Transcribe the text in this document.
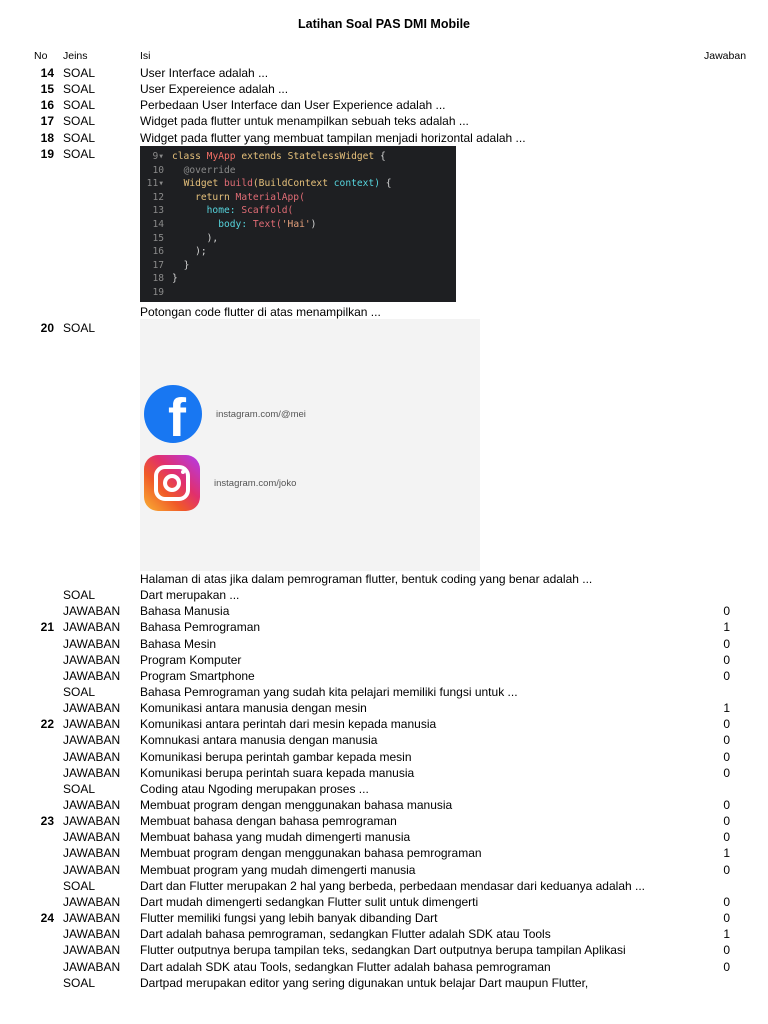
Latihan Soal PAS DMI Mobile
No Jeins	Isi	Jawaban
14 SOAL	User Interface adalah ...
15 SOAL	User Expereience adalah ...
16 SOAL	Perbedaan User Interface dan User Experience adalah ...
17 SOAL	Widget pada flutter untuk menampilkan sebuah teks adalah ...
18 SOAL	Widget pada flutter yang membuat tampilan menjadi horizontal adalah ...
19 SOAL	9▾ class MyApp extends StatelessWidget {
10 @override
11▾ Widget build(BuildContext context) {
12	return MaterialApp(
13	home: Scaffold(
14	body: Text('Hai')
15	),
16	);
17 }
18 }
19
Potongan code flutter di atas menampilkan ...
20 SOAL
f	instagram.com/@mei
instagram.com/joko
Halaman di atas jika dalam pemrograman flutter, bentuk coding yang benar adalah ...
SOAL	Dart merupakan ...
JAWABAN Bahasa Manusia	0
21 JAWABAN Bahasa Pemrograman	1
JAWABAN Bahasa Mesin	0
JAWABAN Program Komputer	0
JAWABAN Program Smartphone	0
SOAL	Bahasa Pemrograman yang sudah kita pelajari memiliki fungsi untuk ...
JAWABAN Komunikasi antara manusia dengan mesin	1
22 JAWABAN Komunikasi antara perintah dari mesin kepada manusia	0
JAWABAN Komnukasi antara manusia dengan manusia	0
JAWABAN Komunikasi berupa perintah gambar kepada mesin	0
JAWABAN Komunikasi berupa perintah suara kepada manusia	0
SOAL	Coding atau Ngoding merupakan proses ...
JAWABAN Membuat program dengan menggunakan bahasa manusia	0
23 JAWABAN Membuat bahasa dengan bahasa pemrograman	0
JAWABAN Membuat bahasa yang mudah dimengerti manusia	0
JAWABAN Membuat program dengan menggunakan bahasa pemrograman	1
JAWABAN Membuat program yang mudah dimengerti manusia	0
SOAL	Dart dan Flutter merupakan 2 hal yang berbeda, perbedaan mendasar dari keduanya adalah ...
JAWABAN Dart mudah dimengerti sedangkan Flutter sulit untuk dimengerti	0
24 JAWABAN Flutter memiliki fungsi yang lebih banyak dibanding Dart	0
JAWABAN Dart adalah bahasa pemrograman, sedangkan Flutter adalah SDK atau Tools	1
JAWABAN Flutter outputnya berupa tampilan teks, sedangkan Dart outputnya berupa tampilan Aplikasi	0
JAWABAN Dart adalah SDK atau Tools, sedangkan Flutter adalah bahasa pemrograman	0
SOAL	Dartpad merupakan editor yang sering digunakan untuk belajar Dart maupun Flutter,
